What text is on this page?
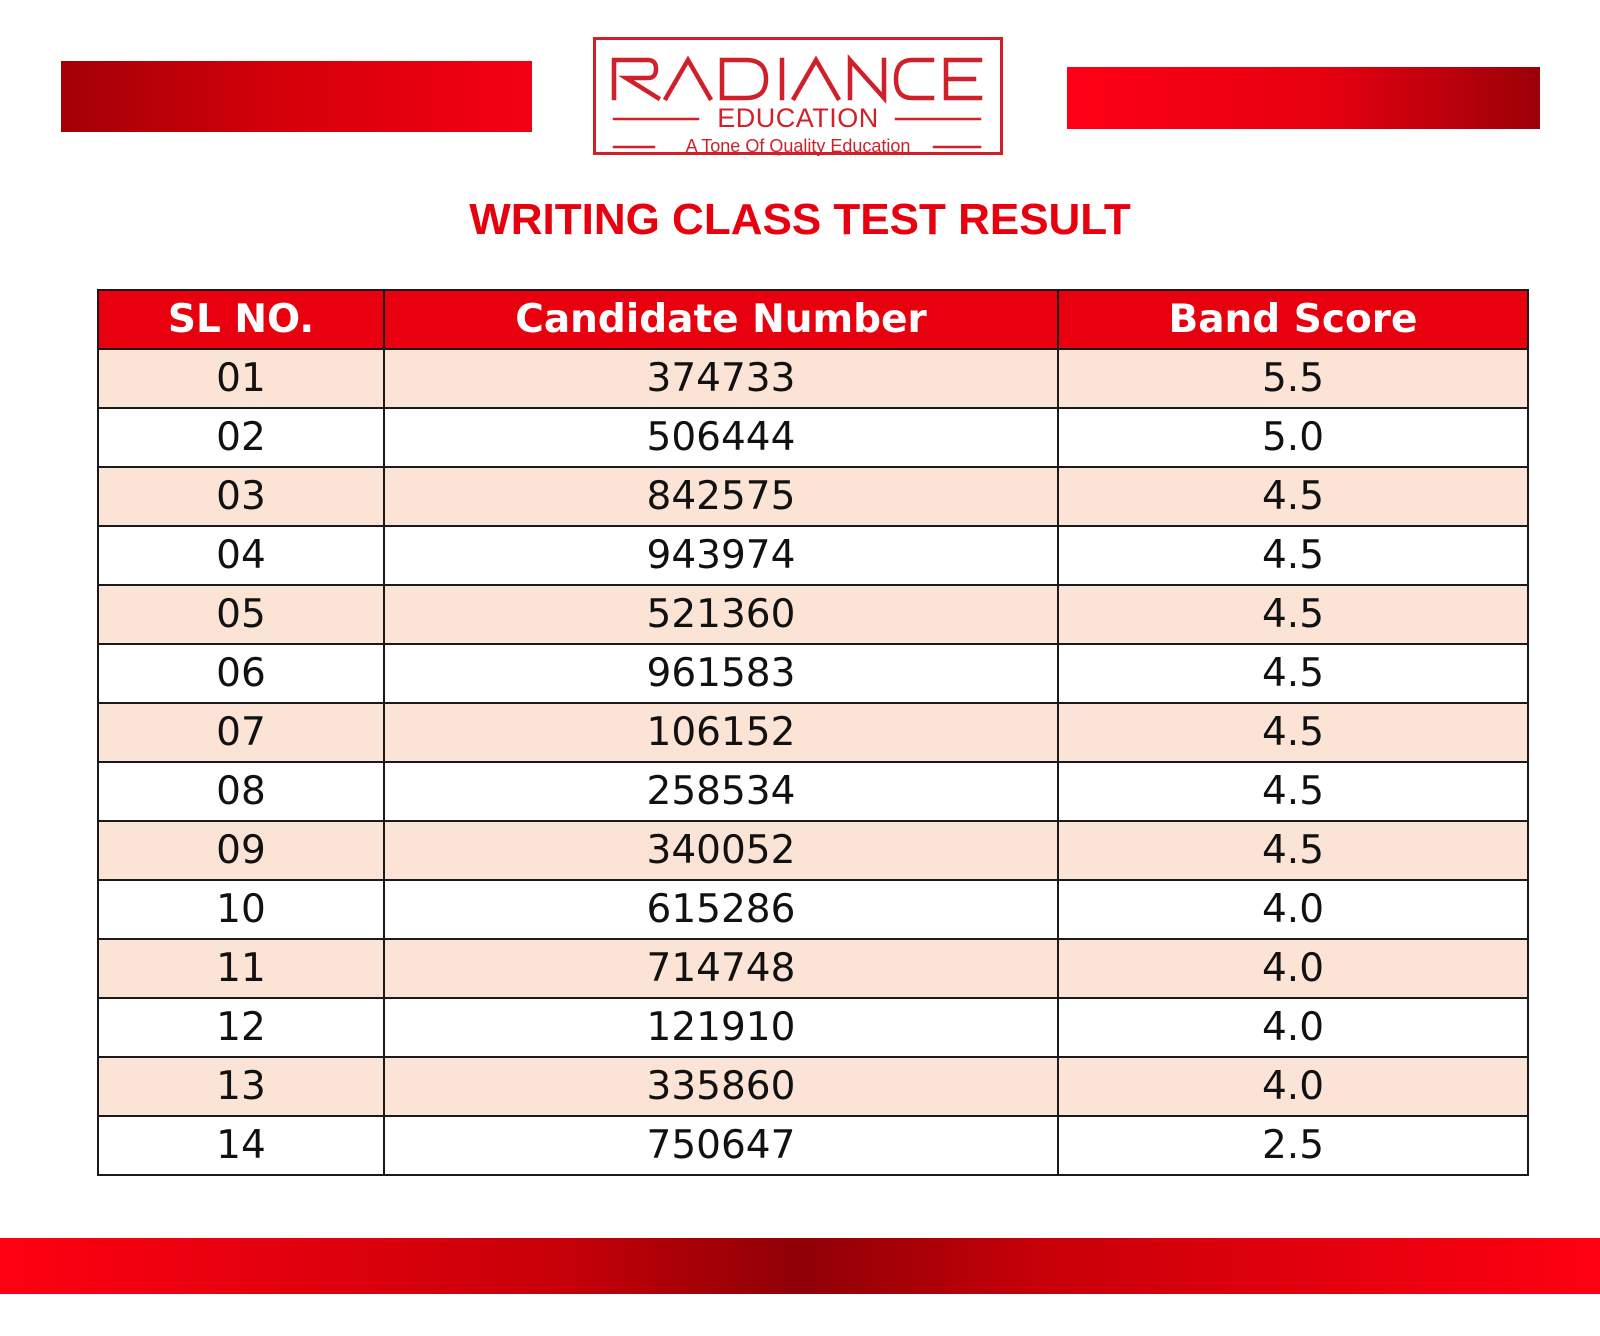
EDUCATION
A Tone Of Quality Education
WRITING CLASS TEST RESULT
SL NO.	Candidate Number	Band Score
01	374733	5.5
02	506444	5.0
03	842575	4.5
04	943974	4.5
05	521360	4.5
06	961583	4.5
07	106152	4.5
08	258534	4.5
09	340052	4.5
10	615286	4.0
11	714748	4.0
12	121910	4.0
13	335860	4.0
14	750647	2.5
